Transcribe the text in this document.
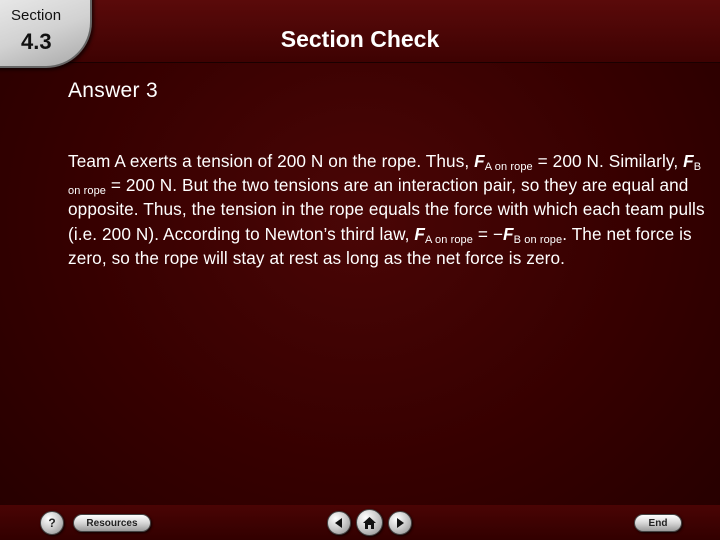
Section
4.3	Section Check
Answer 3
Team A exerts a tension of 200 N on the rope. Thus, $F_{A on rope} = 200$ N. Similarly, $F_{B on rope} = 200$ N. But the two tensions are an interaction pair, so they are equal and opposite. Thus, the tension in the rope equals the force with which each team pulls (i.e. 200 N). According to Newton’s third law, $F_{A on rope} = -F_{B on rope}$. The net force is zero, so the rope will stay at rest as long as the net force is zero.
?	Resources	End
